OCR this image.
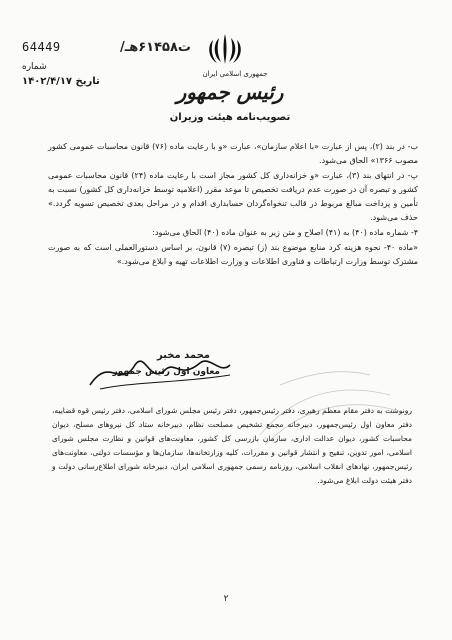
64449	/ت۶۱۴۵۸هـ
شماره
تاریخ ۱۴۰۲/۴/۱۷
جمهوری اسلامی ایران
رئیس جمهور
تصویب‌نامه هیئت وزیران

ب- در بند (۲)، پس از عبارت «با اعلام سازمان»، عبارت «و با رعایت ماده (۷۶) قانون محاسبات عمومی کشور مصوب ۱۳۶۶» الحاق می‌شود.

پ- در انتهای بند (۳)، عبارت «و خزانه‌داری کل کشور مجاز است با رعایت ماده (۲۴) قانون محاسبات عمومی کشور و تبصره آن در صورت عدم دریافت تخصیص تا موعد مقرر (اعلامیه توسط خزانه‌داری کل کشور) نسبت به تأمین و پرداخت مبالغ مربوط در قالب تنخواه‌گردان حسابداری اقدام و در مراحل بعدی تخصیص تسویه گردد.» حذف می‌شود.

۴- شماره ماده (۴۰) به (۴۱) اصلاح و متن زیر به عنوان ماده (۴۰) الحاق می‌شود:

«ماده ۴۰- نحوه هزینه کرد منابع موضوع بند (ز) تبصره (۷) قانون، بر اساس دستورالعملی است که به صورت مشترک توسط وزارت ارتباطات و فناوری اطلاعات و وزارت اطلاعات تهیه و ابلاغ می‌شود.»

محمد مخبر
معاون اول رئیس جمهور
رونوشت به دفتر مقام معظم رهبری، دفتر رئیس‌جمهور، دفتر رئیس مجلس شورای اسلامی، دفتر رئیس قوه قضاییه، دفتر معاون اول رئیس‌جمهور، دبیرخانه مجمع تشخیص مصلحت نظام، دبیرخانه ستاد کل نیروهای مسلح، دیوان محاسبات کشور، دیوان عدالت اداری، سازمان بازرسی کل کشور، معاونت‌های قوانین و نظارت مجلس شورای اسلامی، امور تدوین، تنقیح و انتشار قوانین و مقررات، کلیه وزارتخانه‌ها، سازمان‌ها و مؤسسات دولتی، معاونت‌های رئیس‌جمهور، نهادهای انقلاب اسلامی، روزنامه رسمی جمهوری اسلامی ایران، دبیرخانه شورای اطلاع‌رسانی دولت و دفتر هیئت دولت ابلاغ می‌شود.
۲
